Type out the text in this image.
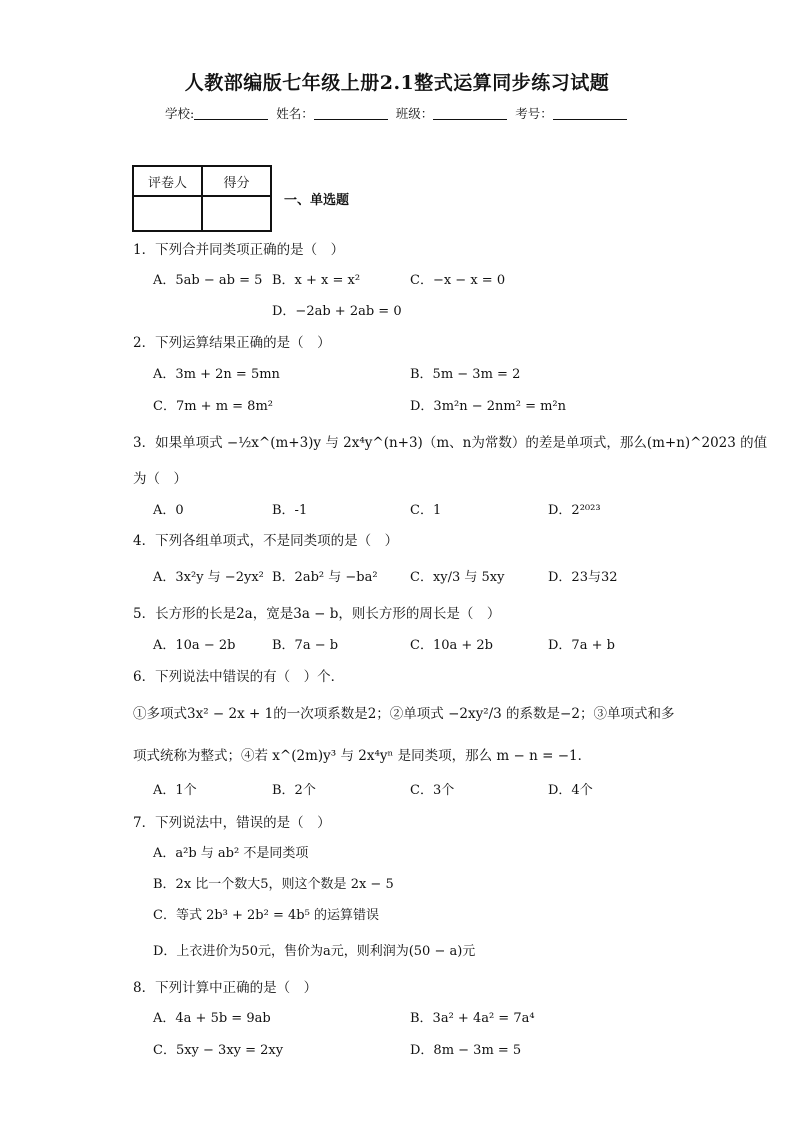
人教部编版七年级上册2.1整式运算同步练习试题
学校:	姓名：	班级：	考号：
评卷人	得分

一、单选题
1．下列合并同类项正确的是（　）
A．5ab − ab = 5 B．x + x = x²	C．−x − x = 0
D．−2ab + 2ab = 0
2．下列运算结果正确的是（　）
A．3m + 2n = 5mn	B．5m − 3m = 2
C．7m + m = 8m²	D．3m²n − 2nm² = m²n
3．如果单项式 −½x^(m+3)y 与 2x⁴y^(n+3)（m、n为常数）的差是单项式，那么(m+n)^2023 的值
为（　）
A．0	B．-1	C．1	D．2²⁰²³
4．下列各组单项式，不是同类项的是（　）
A．3x²y 与 −2yx² B．2ab² 与 −ba² C．xy/3 与 5xy	D．23与32
5．长方形的长是2a，宽是3a − b，则长方形的周长是（　）
A．10a − 2b	B．7a − b	C．10a + 2b	D．7a + b
6．下列说法中错误的有（　）个．
①多项式3x² − 2x + 1的一次项系数是2；②单项式 −2xy²/3 的系数是−2；③单项式和多
项式统称为整式；④若 x^(2m)y³ 与 2x⁴yⁿ 是同类项，那么 m − n = −1．
A．1个	B．2个	C．3个	D．4个
7．下列说法中，错误的是（　）
A．a²b 与 ab² 不是同类项
B．2x 比一个数大5，则这个数是 2x − 5
C．等式 2b³ + 2b² = 4b⁵ 的运算错误
D．上衣进价为50元，售价为a元，则利润为(50 − a)元
8．下列计算中正确的是（　）
A．4a + 5b = 9ab	B．3a² + 4a² = 7a⁴
C．5xy − 3xy = 2xy	D．8m − 3m = 5
